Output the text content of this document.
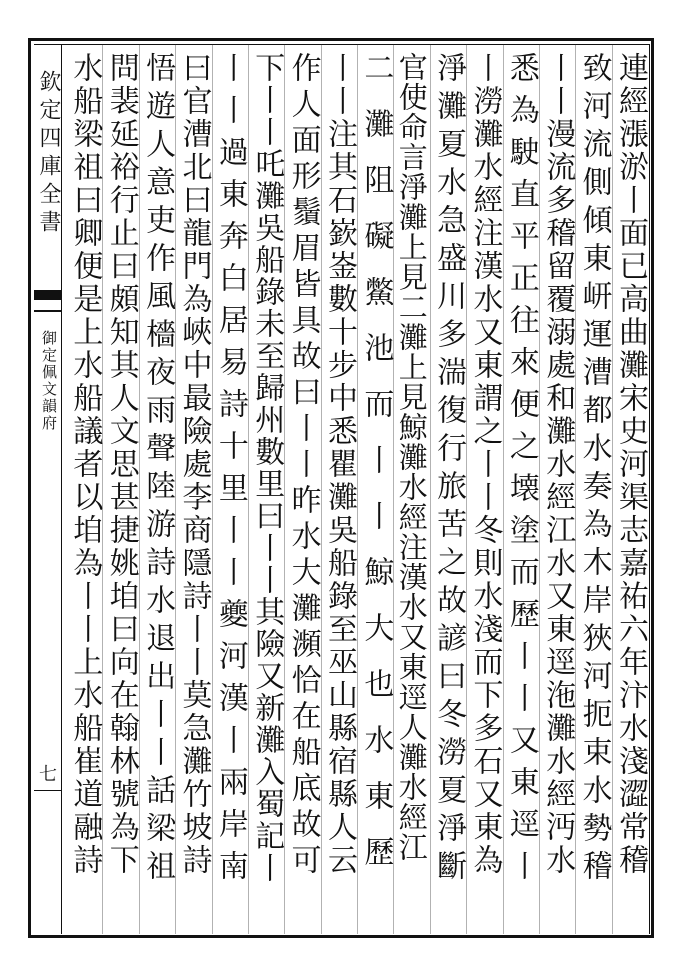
欽定四庫全書
御定佩文韻府
七	連經漲淤丨面已高曲灘宋史河渠志嘉祐六年汴水淺澀常稽
致河流側傾東岍運漕都水奏為木岸狹河扼束水勢稽
丨丨漫流多稽留覆溺處和灘水經江水又東逕沲灘水經沔水
悉為駛直平正往來便之壊塗而歷丨丨又東逕丨
丨澇灘水經注漢水又東謂之丨丨冬則水淺而下多石又東為
淨灘夏水急盛川多湍復行旅苦之故諺曰冬澇夏淨斷
官使命言淨灘上見二灘上見鯨灘水經注漢水又東逕人灘水經江
二灘阻礙鱉池而丨丨鯨大也水東歷
丨丨注其石嶔崟數十步中悉瞿灘吳船錄至巫山縣宿縣人云
作人面形鬚眉皆具故曰丨丨昨水大灘瀕恰在船底故可
下丨丨吒灘吳船錄未至歸州數里曰丨丨其險又新灘入蜀記丨
丨丨過東奔白居易詩十里丨丨夔河漢丨兩岸南
曰官漕北曰龍門為峽中最險處李商隱詩丨丨莫急灘竹坡詩
悟遊人意吏作風檣夜雨聲陸游詩水退出丨丨話梁祖
問裴延裕行止曰頗知其人文思甚捷姚垍曰向在翰林號為下
水船梁祖曰卿便是上水船議者以垍為丨丨上水船崔道融詩
